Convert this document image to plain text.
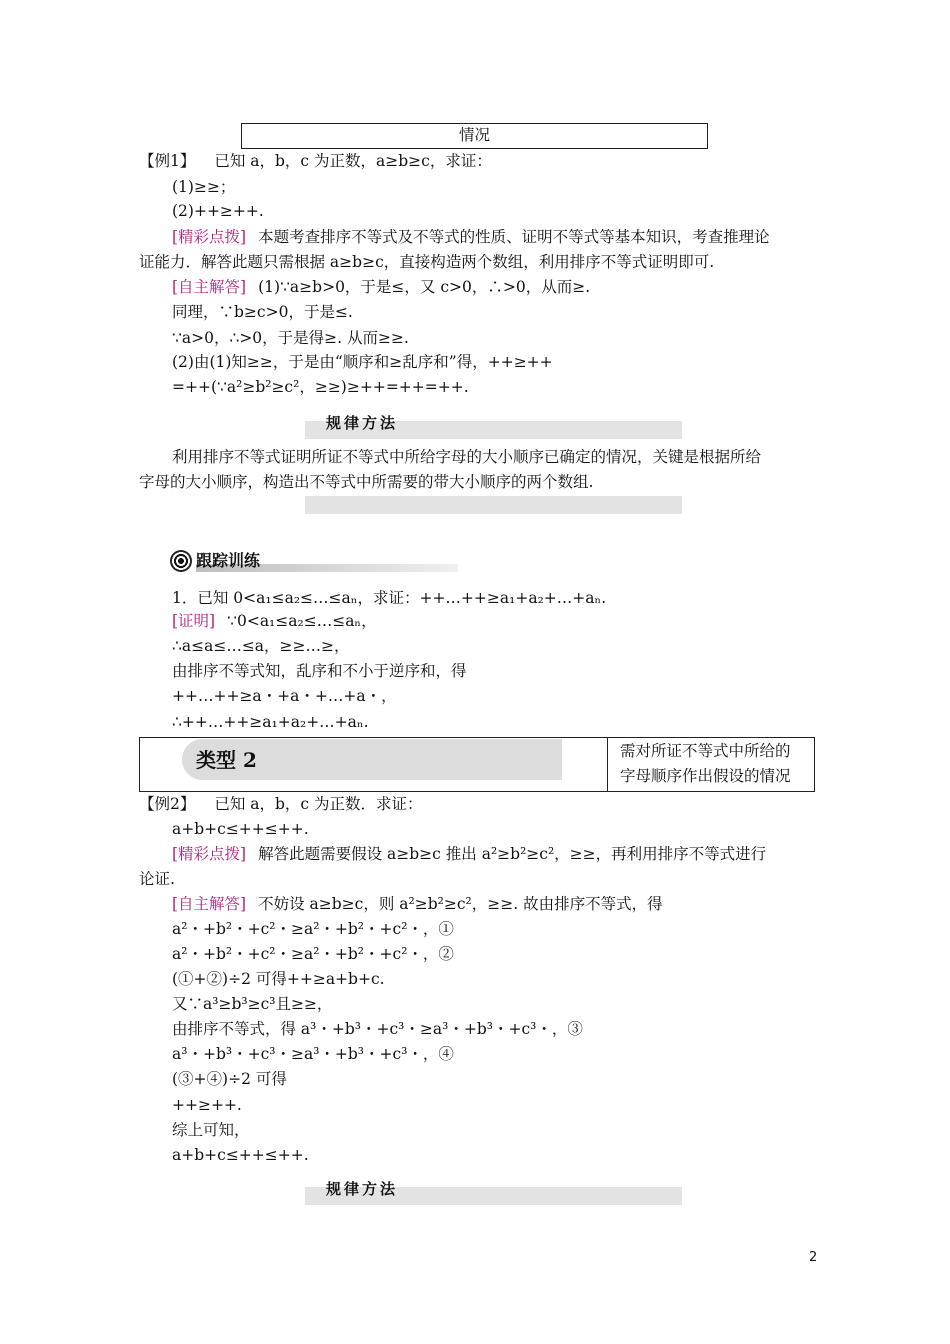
情况
【例1】 已知 a，b，c 为正数，a≥b≥c，求证：
(1)≥≥；
(2)++≥++.
[精彩点拨] 本题考查排序不等式及不等式的性质、证明不等式等基本知识，考查推理论
证能力．解答此题只需根据 a≥b≥c，直接构造两个数组，利用排序不等式证明即可.
[自主解答] (1)∵a≥b>0，于是≤，又 c>0，∴>0，从而≥.
同理，∵b≥c>0，于是≤.
∵a>0，∴>0，于是得≥. 从而≥≥.
(2)由(1)知≥≥，于是由“顺序和≥乱序和”得，++≥++
=++(∵a²≥b²≥c²，≥≥)≥++=++=++.
规律方法
利用排序不等式证明所证不等式中所给字母的大小顺序已确定的情况，关键是根据所给
字母的大小顺序，构造出不等式中所需要的带大小顺序的两个数组.
跟踪训练
1．已知 0<a₁≤a₂≤…≤aₙ，求证：++…++≥a₁+a₂+…+aₙ.
[证明] ∵0<a₁≤a₂≤…≤aₙ，
∴a≤a≤…≤a，≥≥…≥，
由排序不等式知，乱序和不小于逆序和，得
++…++≥a・+a・+…+a・，
∴++…++≥a₁+a₂+…+aₙ.
类型 2	需对所证不等式中所给的
字母顺序作出假设的情况
【例2】 已知 a，b，c 为正数．求证：
a+b+c≤++≤++.
[精彩点拨] 解答此题需要假设 a≥b≥c 推出 a²≥b²≥c²，≥≥，再利用排序不等式进行
论证.
[自主解答] 不妨设 a≥b≥c，则 a²≥b²≥c²，≥≥. 故由排序不等式，得
a²・+b²・+c²・≥a²・+b²・+c²・，①
a²・+b²・+c²・≥a²・+b²・+c²・，②
(①+②)÷2 可得++≥a+b+c.
又∵a³≥b³≥c³且≥≥，
由排序不等式，得 a³・+b³・+c³・≥a³・+b³・+c³・，③
a³・+b³・+c³・≥a³・+b³・+c³・，④
(③+④)÷2 可得
++≥++.
综上可知，
a+b+c≤++≤++.
规律方法
2
